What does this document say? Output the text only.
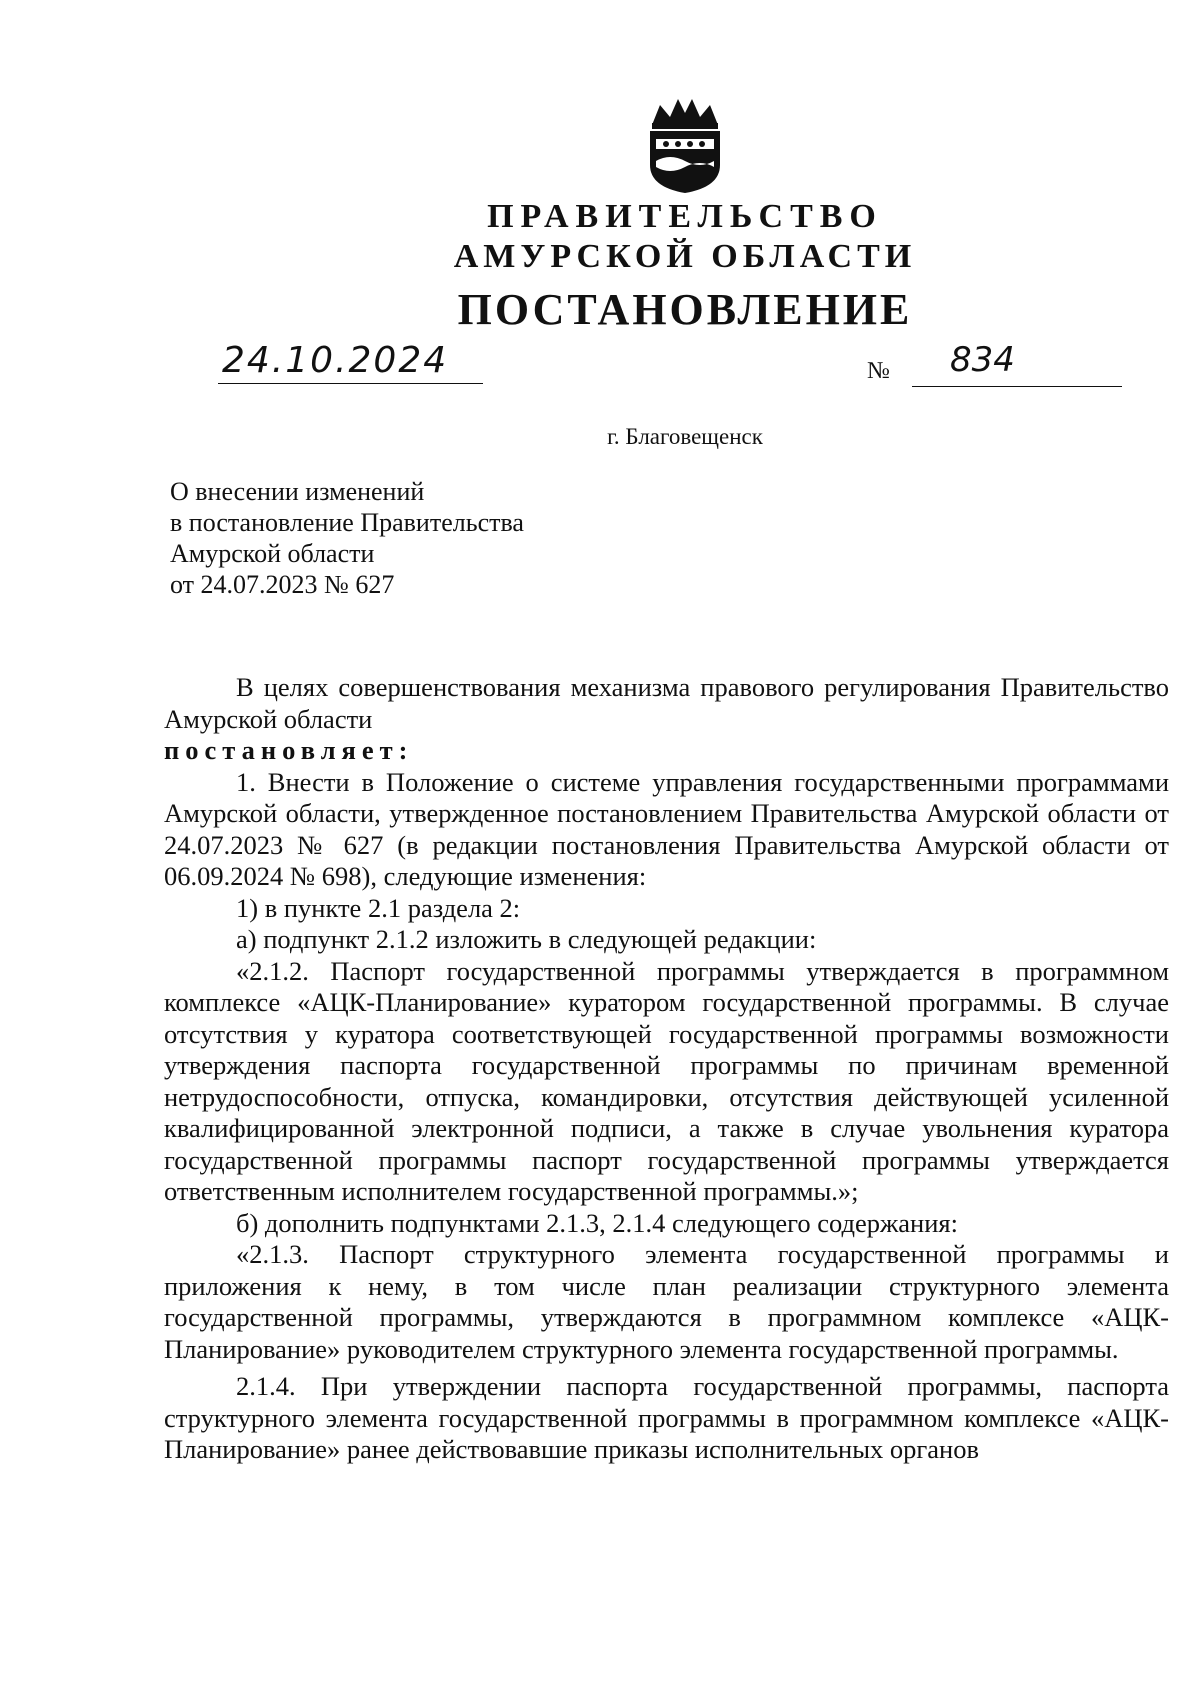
ПРАВИТЕЛЬСТВО
АМУРСКОЙ ОБЛАСТИ
ПОСТАНОВЛЕНИЕ
24.10.2024	№ 834
г. Благовещенск
О внесении изменений
в постановление Правительства
Амурской области
от 24.07.2023 № 627

В целях совершенствования механизма правового регулирования Правительство Амурской области

постановляет:

1. Внести в Положение о системе управления государственными программами Амурской области, утвержденное постановлением Правительства Амурской области от 24.07.2023 № 627 (в редакции постановления Правительства Амурской области от 06.09.2024 № 698), следующие изменения:

1) в пункте 2.1 раздела 2:

а) подпункт 2.1.2 изложить в следующей редакции:

«2.1.2. Паспорт государственной программы утверждается в программном комплексе «АЦК-Планирование» куратором государственной программы. В случае отсутствия у куратора соответствующей государственной программы возможности утверждения паспорта государственной программы по причинам временной нетрудоспособности, отпуска, командировки, отсутствия действующей усиленной квалифицированной электронной подписи, а также в случае увольнения куратора государственной программы паспорт государственной программы утверждается ответственным исполнителем государственной программы.»;

б) дополнить подпунктами 2.1.3, 2.1.4 следующего содержания:

«2.1.3. Паспорт структурного элемента государственной программы и приложения к нему, в том числе план реализации структурного элемента государственной программы, утверждаются в программном комплексе «АЦК-Планирование» руководителем структурного элемента государственной программы.

2.1.4. При утверждении паспорта государственной программы, паспорта структурного элемента государственной программы в программном комплексе «АЦК-Планирование» ранее действовавшие приказы исполнительных органов
